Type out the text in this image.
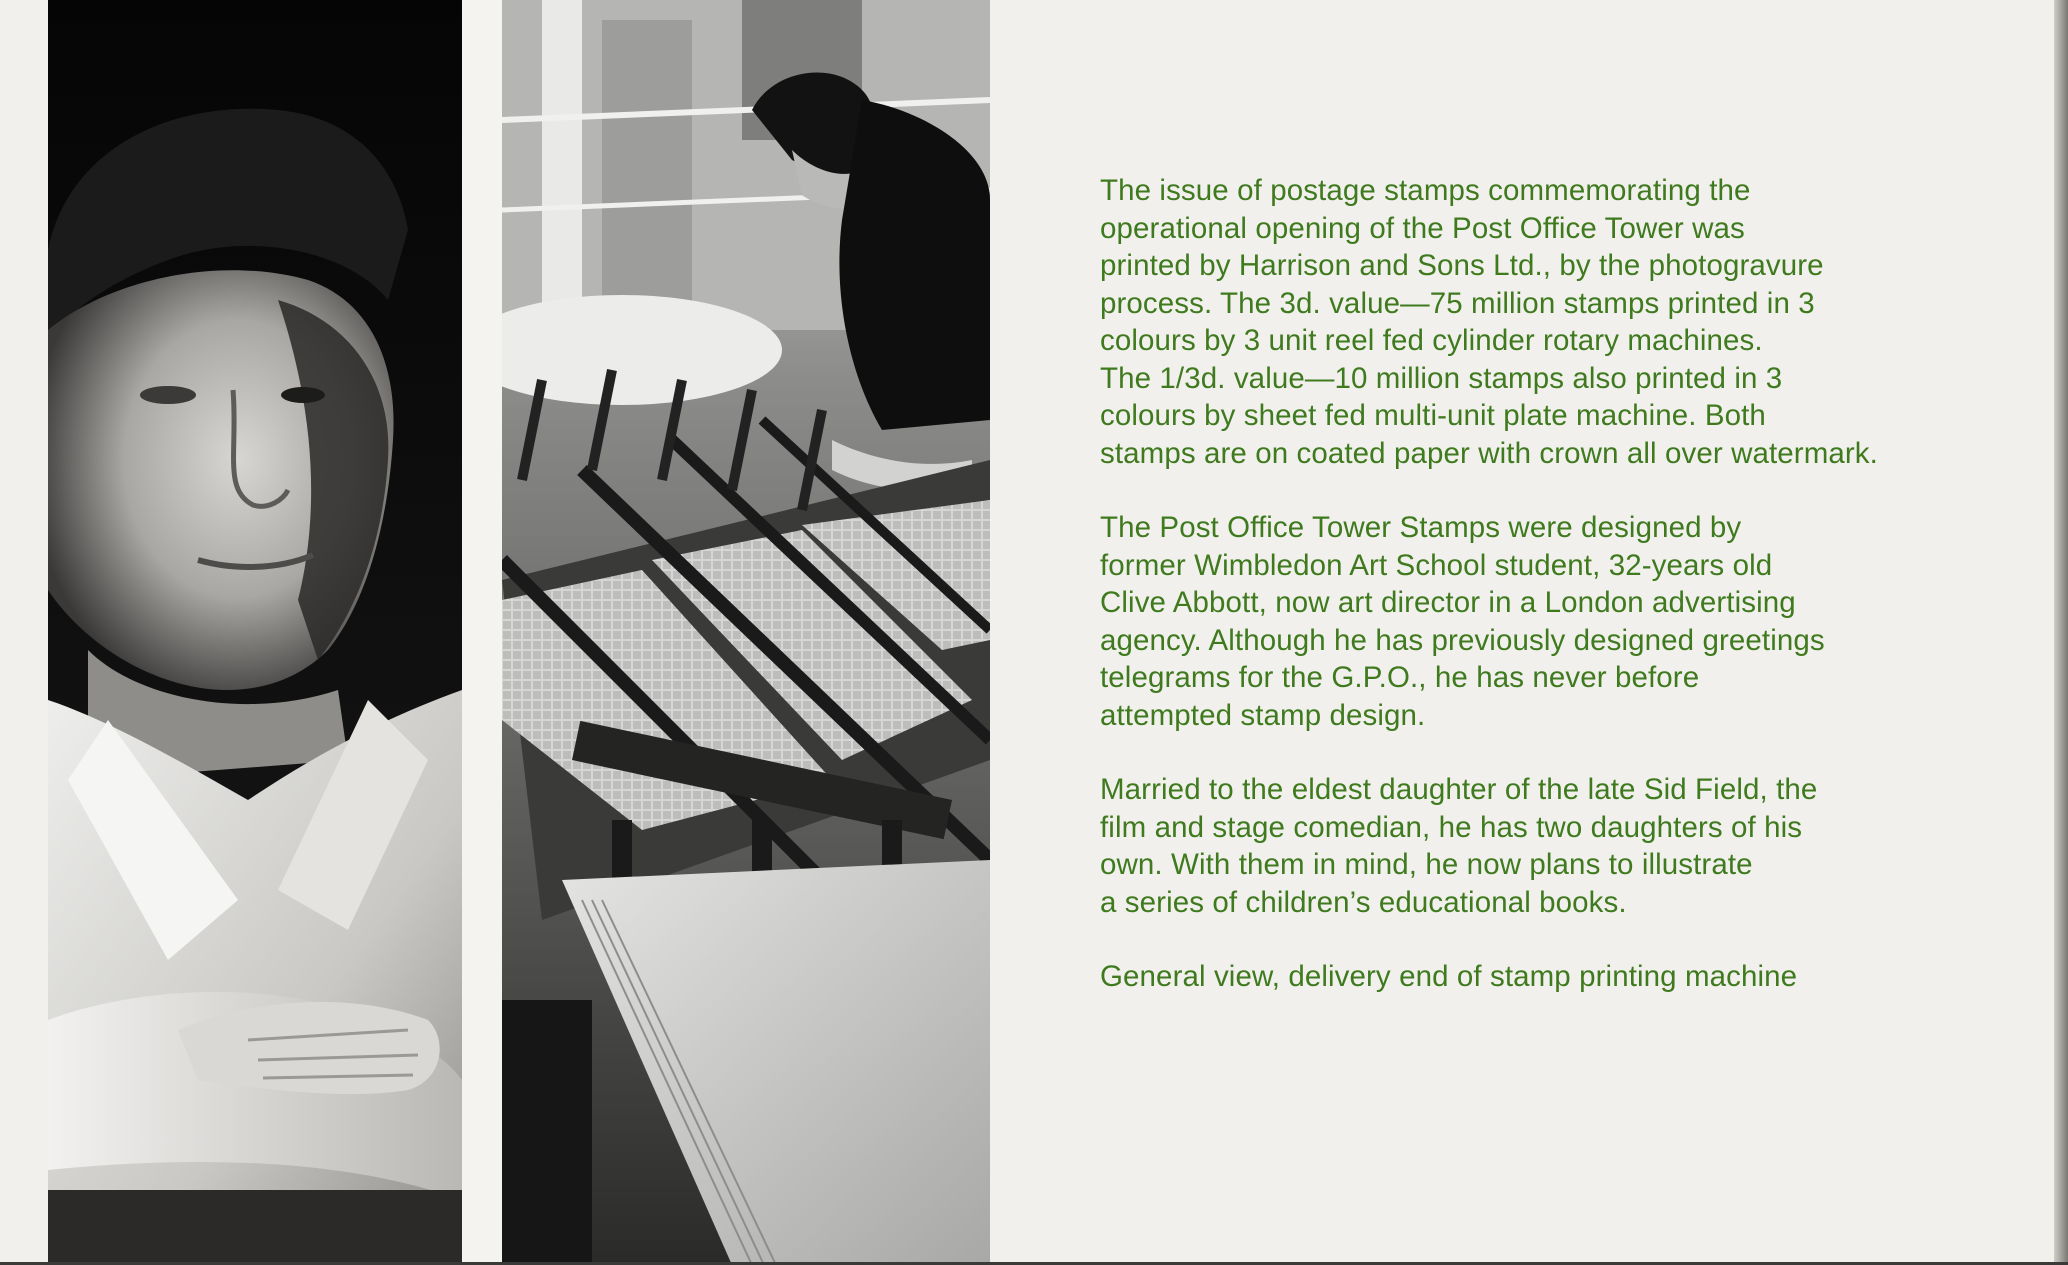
The issue of postage stamps commemorating the
operational opening of the Post Office Tower was
printed by Harrison and Sons Ltd., by the photogravure
process. The 3d. value—75 million stamps printed in 3
colours by 3 unit reel fed cylinder rotary machines.
The 1/3d. value—10 million stamps also printed in 3
colours by sheet fed multi-unit plate machine. Both
stamps are on coated paper with crown all over watermark.

The Post Office Tower Stamps were designed by
former Wimbledon Art School student, 32-years old
Clive Abbott, now art director in a London advertising
agency. Although he has previously designed greetings
telegrams for the G.P.O., he has never before
attempted stamp design.

Married to the eldest daughter of the late Sid Field, the
film and stage comedian, he has two daughters of his
own. With them in mind, he now plans to illustrate
a series of children’s educational books.

General view, delivery end of stamp printing machine
